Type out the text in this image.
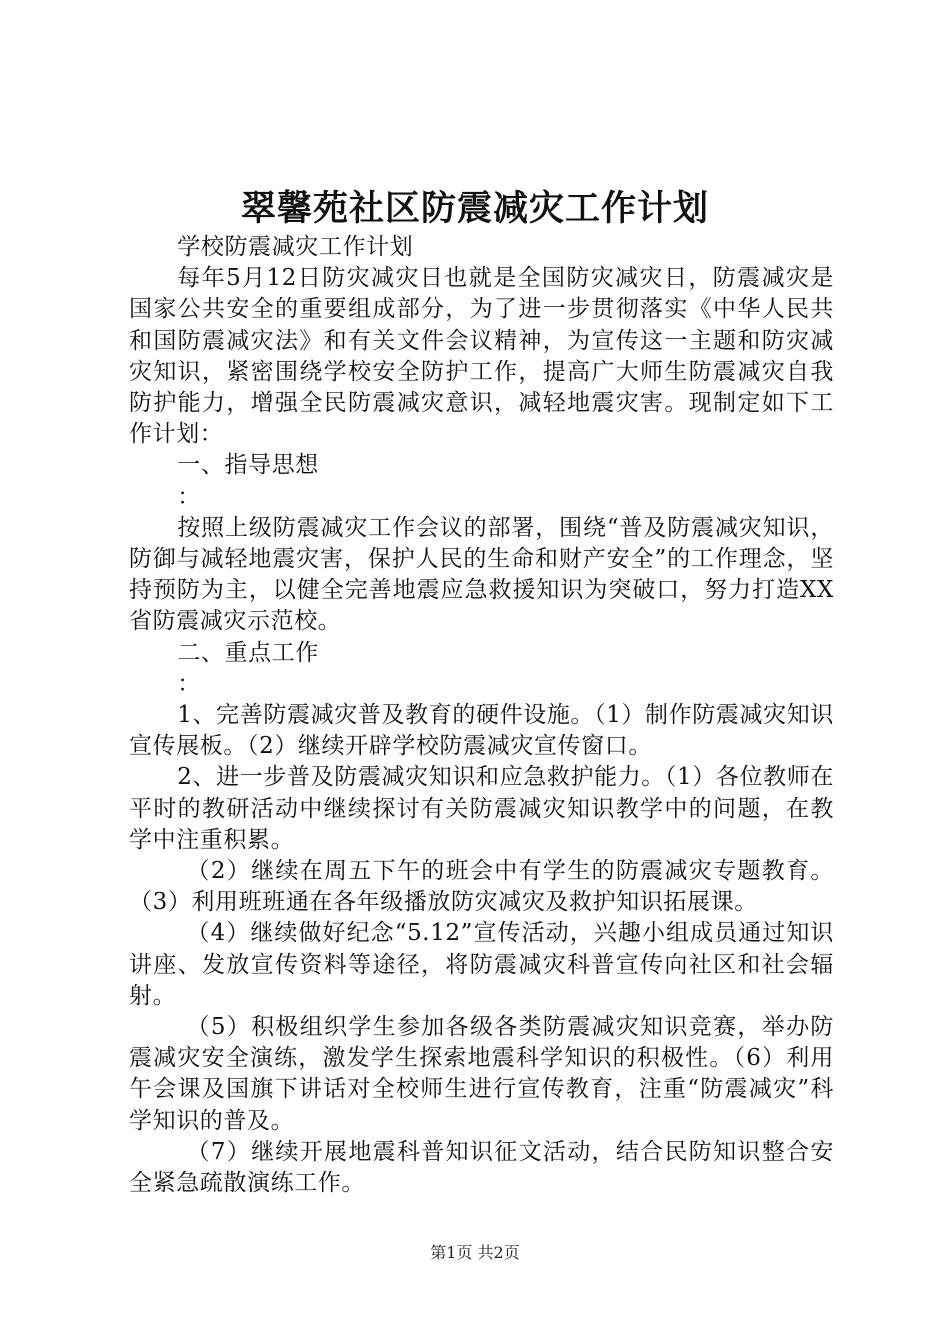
翠馨苑社区防震减灾工作计划

学校防震减灾工作计划

每年5月12日防灾减灾日也就是全国防灾减灾日，防震减灾是国家公共安全的重要组成部分，为了进一步贯彻落实《中华人民共和国防震减灾法》和有关文件会议精神，为宣传这一主题和防灾减灾知识，紧密围绕学校安全防护工作，提高广大师生防震减灾自我防护能力，增强全民防震减灾意识，减轻地震灾害。现制定如下工作计划：

一、指导思想

：

按照上级防震减灾工作会议的部署，围绕“普及防震减灾知识，防御与减轻地震灾害，保护人民的生命和财产安全”的工作理念，坚持预防为主，以健全完善地震应急救援知识为突破口，努力打造XX省防震减灾示范校。

二、重点工作

：

1、完善防震减灾普及教育的硬件设施。（1）制作防震减灾知识宣传展板。（2）继续开辟学校防震减灾宣传窗口。

2、进一步普及防震减灾知识和应急救护能力。（1）各位教师在平时的教研活动中继续探讨有关防震减灾知识教学中的问题，在教学中注重积累。

（2）继续在周五下午的班会中有学生的防震减灾专题教育。（3）利用班班通在各年级播放防灾减灾及救护知识拓展课。

（4）继续做好纪念“5.12”宣传活动，兴趣小组成员通过知识讲座、发放宣传资料等途径，将防震减灾科普宣传向社区和社会辐射。

（5）积极组织学生参加各级各类防震减灾知识竞赛，举办防震减灾安全演练，激发学生探索地震科学知识的积极性。（6）利用午会课及国旗下讲话对全校师生进行宣传教育，注重“防震减灾”科学知识的普及。

（7）继续开展地震科普知识征文活动，结合民防知识整合安全紧急疏散演练工作。

第1页 共2页
